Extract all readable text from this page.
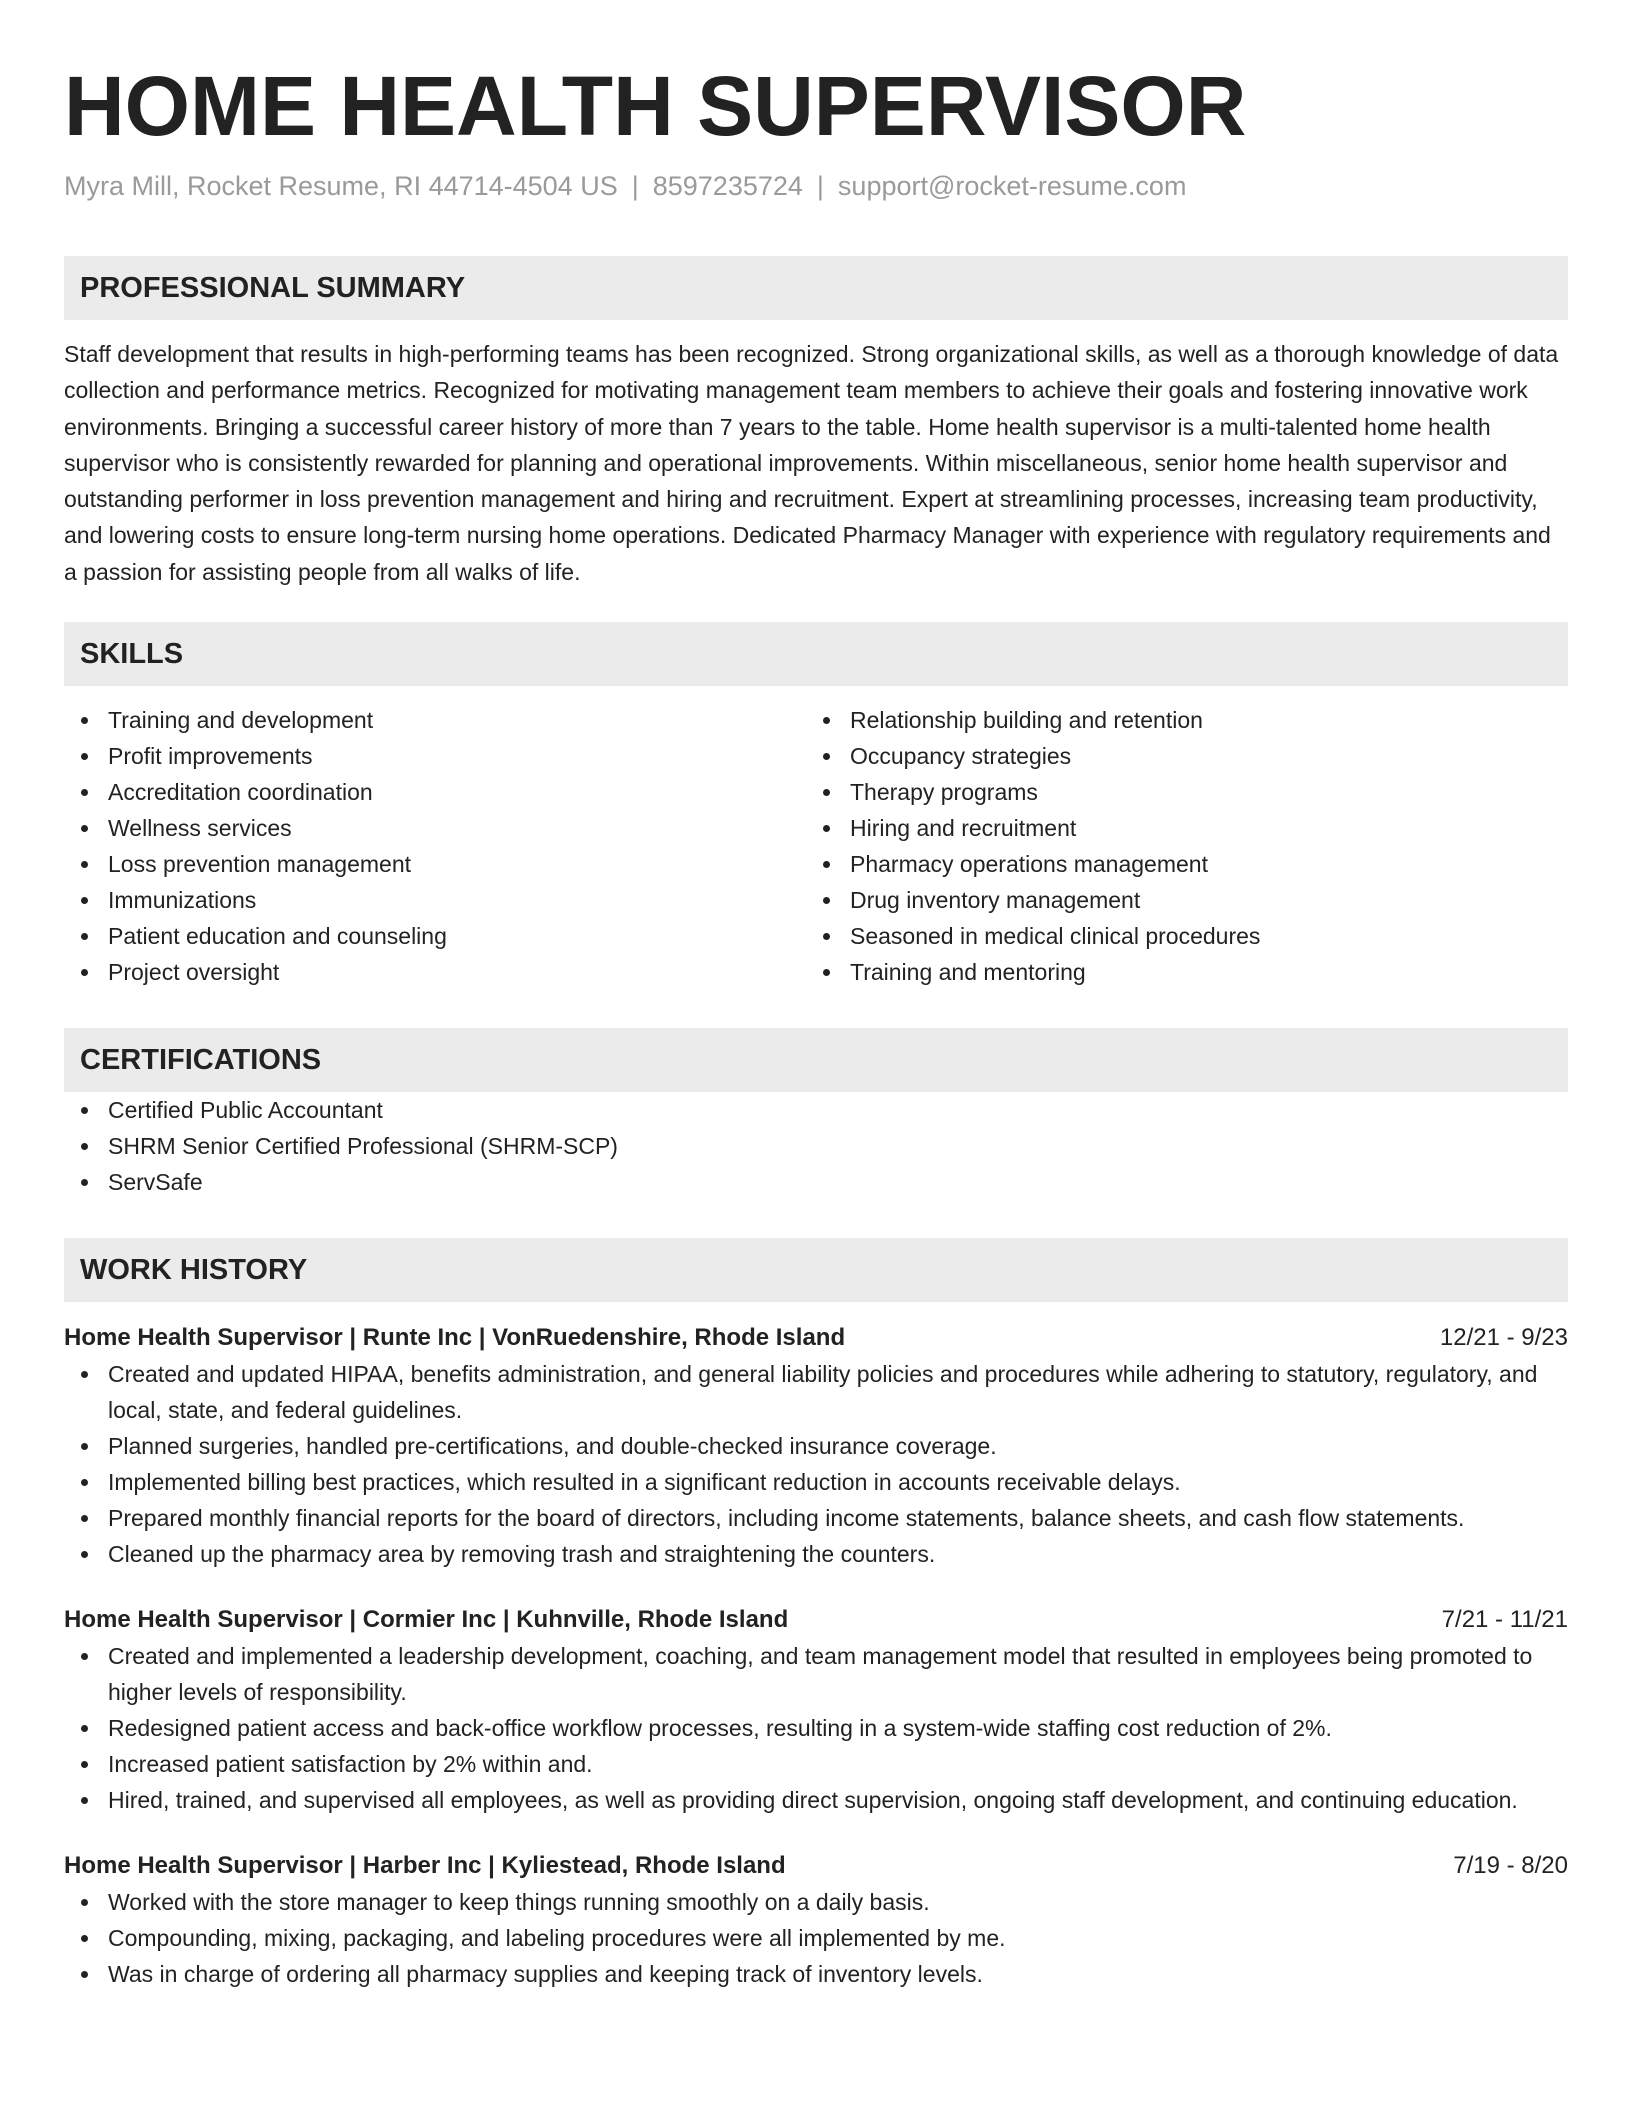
HOME HEALTH SUPERVISOR
Myra Mill, Rocket Resume, RI 44714-4504 US | 8597235724 | support@rocket-resume.com
PROFESSIONAL SUMMARY

Staff development that results in high-performing teams has been recognized. Strong organizational skills, as well as a thorough knowledge of data collection and performance metrics. Recognized for motivating management team members to achieve their goals and fostering innovative work environments. Bringing a successful career history of more than 7 years to the table. Home health supervisor is a multi-talented home health supervisor who is consistently rewarded for planning and operational improvements. Within miscellaneous, senior home health supervisor and outstanding performer in loss prevention management and hiring and recruitment. Expert at streamlining processes, increasing team productivity, and lowering costs to ensure long-term nursing home operations. Dedicated Pharmacy Manager with experience with regulatory requirements and a passion for assisting people from all walks of life.

SKILLS
Training and development
Profit improvements
Accreditation coordination
Wellness services
Loss prevention management
Immunizations
Patient education and counseling
Project oversight
Relationship building and retention
Occupancy strategies
Therapy programs
Hiring and recruitment
Pharmacy operations management
Drug inventory management
Seasoned in medical clinical procedures
Training and mentoring
CERTIFICATIONS
Certified Public Accountant
SHRM Senior Certified Professional (SHRM-SCP)
ServSafe
WORK HISTORY
Home Health Supervisor | Runte Inc | VonRuedenshire, Rhode Island	12/21 - 9/23
Created and updated HIPAA, benefits administration, and general liability policies and procedures while adhering to statutory, regulatory, and local, state, and federal guidelines.
Planned surgeries, handled pre-certifications, and double-checked insurance coverage.
Implemented billing best practices, which resulted in a significant reduction in accounts receivable delays.
Prepared monthly financial reports for the board of directors, including income statements, balance sheets, and cash flow statements.
Cleaned up the pharmacy area by removing trash and straightening the counters.
Home Health Supervisor | Cormier Inc | Kuhnville, Rhode Island	7/21 - 11/21
Created and implemented a leadership development, coaching, and team management model that resulted in employees being promoted to higher levels of responsibility.
Redesigned patient access and back-office workflow processes, resulting in a system-wide staffing cost reduction of 2%.
Increased patient satisfaction by 2% within and.
Hired, trained, and supervised all employees, as well as providing direct supervision, ongoing staff development, and continuing education.
Home Health Supervisor | Harber Inc | Kyliestead, Rhode Island	7/19 - 8/20
Worked with the store manager to keep things running smoothly on a daily basis.
Compounding, mixing, packaging, and labeling procedures were all implemented by me.
Was in charge of ordering all pharmacy supplies and keeping track of inventory levels.
